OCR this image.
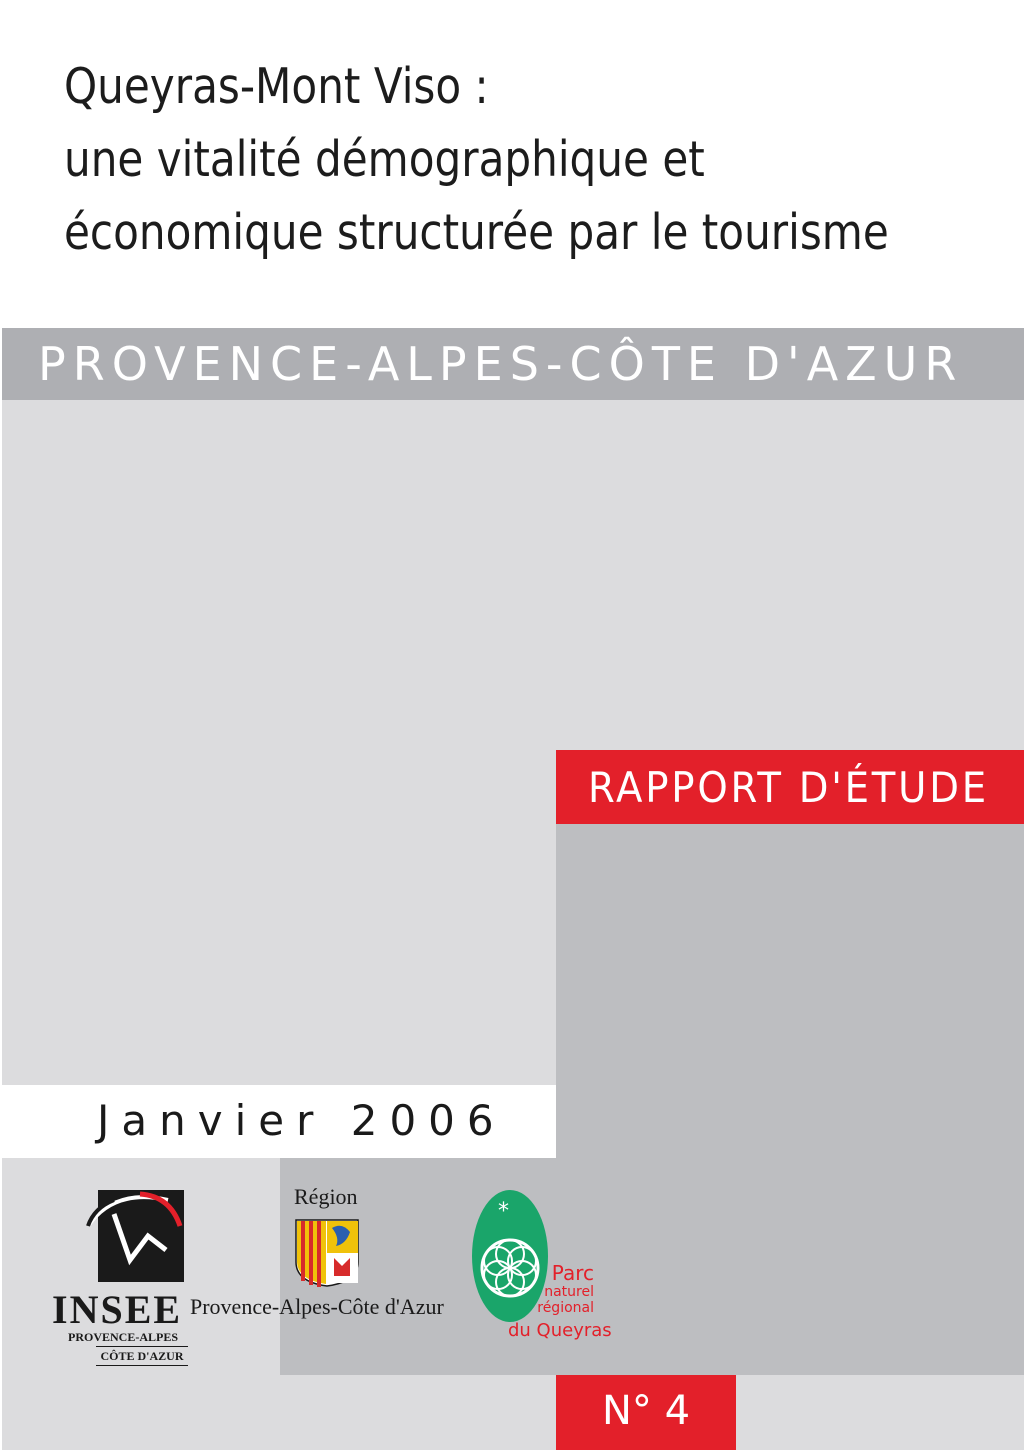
Queyras-Mont Viso :
une vitalité démographique et
économique structurée par le tourisme
PROVENCE-ALPES-CÔTE D'AZUR
RAPPORT D'ÉTUDE
Janvier 2006
N° 4
INSEE
PROVENCE-ALPES
CÔTE D'AZUR
Région
Provence-Alpes-Côte d'Azur
*
Parc
naturel
régional
du Queyras
